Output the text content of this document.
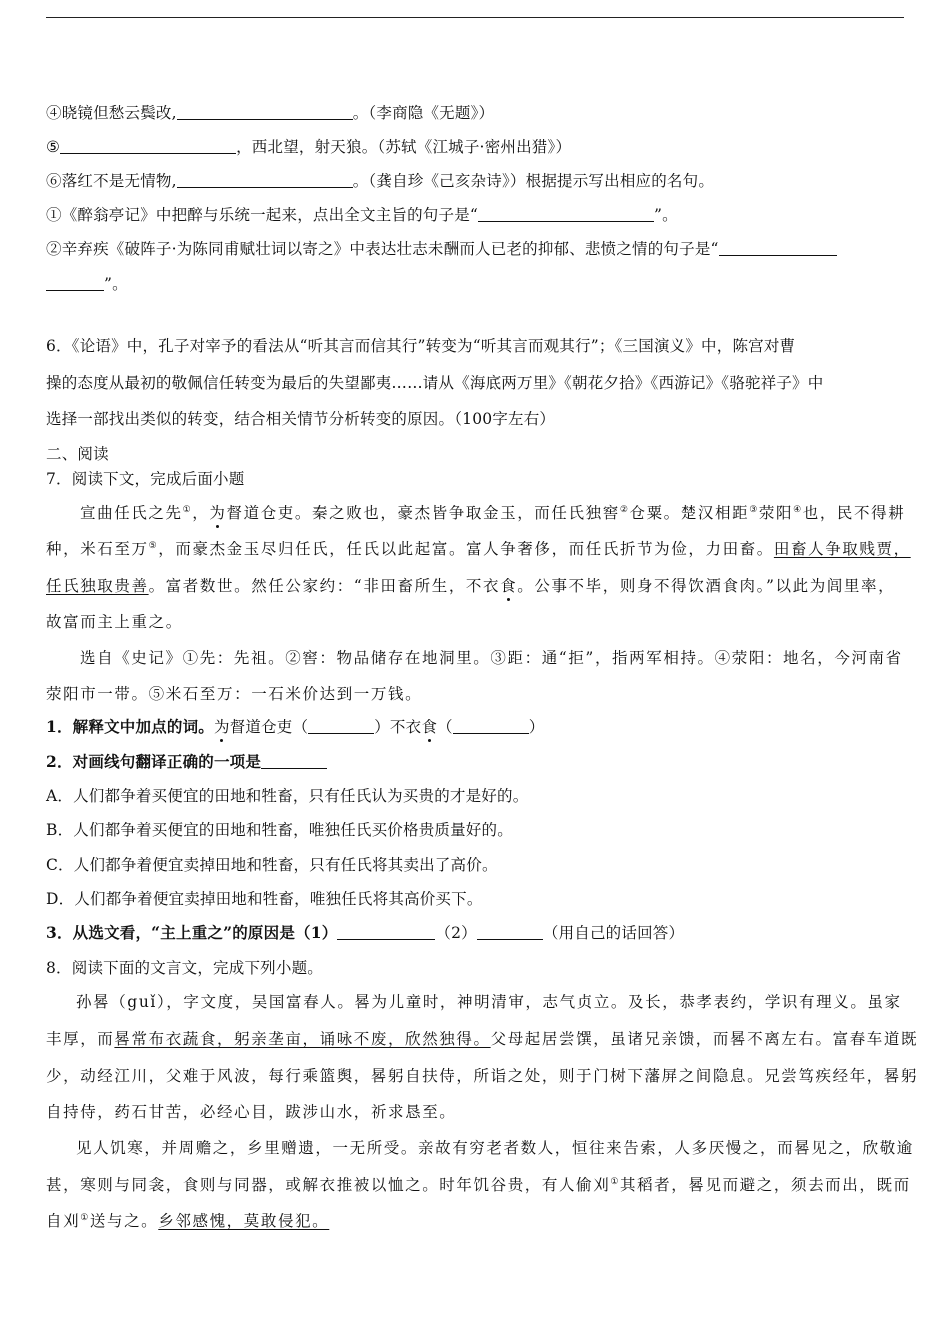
④晓镜但愁云鬓改,	。（李商隐《无题》）
⑤	，西北望，射天狼。（苏轼《江城子·密州出猎》）
⑥落红不是无情物,	。（龚自珍《己亥杂诗》）根据提示写出相应的名句。
①《醉翁亭记》中把醉与乐统一起来，点出全文主旨的句子是“	”。
②辛弃疾《破阵子·为陈同甫赋壮词以寄之》中表达壮志未酬而人已老的抑郁、悲愤之情的句子是“
”。
6．《论语》中，孔子对宰予的看法从“听其言而信其行”转变为“听其言而观其行”；《三国演义》中，陈宫对曹
操的态度从最初的敬佩信任转变为最后的失望鄙夷……请从《海底两万里》《朝花夕拾》《西游记》《骆驼祥子》中
选择一部找出类似的转变，结合相关情节分析转变的原因。（100字左右）
二、阅读
7．阅读下文，完成后面小题
宣曲任氏之先①，为督道仓吏。秦之败也，豪杰皆争取金玉，而任氏独窖②仓粟。楚汉相距③荥阳④也，民不得耕
种，米石至万⑤，而豪杰金玉尽归任氏，任氏以此起富。富人争奢侈，而任氏折节为俭，力田畜。田畜人争取贱贾，
任氏独取贵善。富者数世。然任公家约：“非田畜所生，不衣食。公事不毕，则身不得饮酒食肉。”以此为闾里率，
故富而主上重之。
选自《史记》①先：先祖。②窖：物品储存在地洞里。③距：通“拒”，指两军相持。④荥阳：地名，今河南省
荥阳市一带。⑤米石至万：一石米价达到一万钱。
1．解释文中加点的词。为督道仓吏（	）不衣食（	）
2．对画线句翻译正确的一项是
A．人们都争着买便宜的田地和牲畜，只有任氏认为买贵的才是好的。
B．人们都争着买便宜的田地和牲畜，唯独任氏买价格贵质量好的。
C．人们都争着便宜卖掉田地和牲畜，只有任氏将其卖出了高价。
D．人们都争着便宜卖掉田地和牲畜，唯独任氏将其高价买下。
3．从选文看，“主上重之”的原因是（1）	（2）	（用自己的话回答）
8．阅读下面的文言文，完成下列小题。
孙晷（guǐ），字文度，吴国富春人。晷为儿童时，神明清审，志气贞立。及长，恭孝表约，学识有理义。虽家
丰厚，而晷常布衣蔬食，躬亲垄亩，诵咏不废，欣然独得。父母起居尝馔，虽诸兄亲馈，而晷不离左右。富春车道既
少，动经江川，父难于风波，每行乘篮舆，晷躬自扶侍，所诣之处，则于门树下藩屏之间隐息。兄尝笃疾经年，晷躬
自持侍，药石甘苦，必经心目，跋涉山水，祈求恳至。
见人饥寒，并周赡之，乡里赠遗，一无所受。亲故有穷老者数人，恒往来告索，人多厌慢之，而晷见之，欣敬逾
甚，寒则与同衾，食则与同器，或解衣推被以恤之。时年饥谷贵，有人偷刈①其稻者，晷见而避之，须去而出，既而
自刈①送与之。乡邻感愧，莫敢侵犯。
